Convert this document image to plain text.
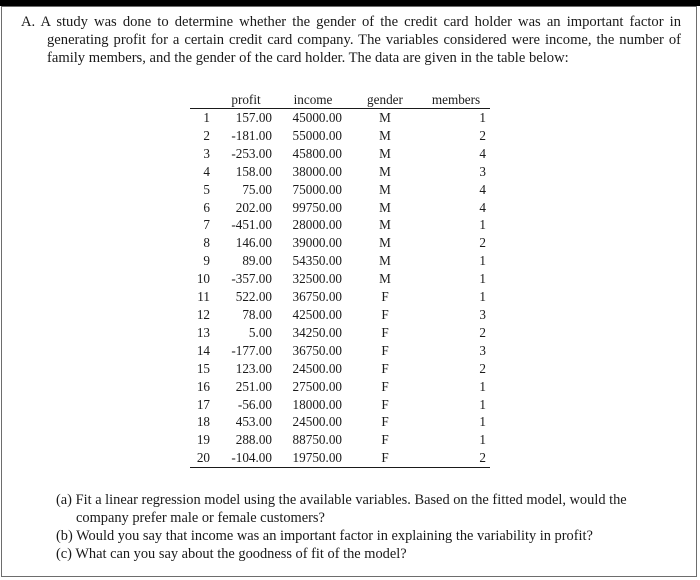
A. A study was done to determine whether the gender of the credit card holder was an important factor in generating profit for a certain credit card company. The variables considered were income, the number of family members, and the gender of the card holder. The data are given in the table below:
	profit	income	gender	members
1	157.00	45000.00	M	1
2	-181.00	55000.00	M	2
3	-253.00	45800.00	M	4
4	158.00	38000.00	M	3
5	75.00	75000.00	M	4
6	202.00	99750.00	M	4
7	-451.00	28000.00	M	1
8	146.00	39000.00	M	2
9	89.00	54350.00	M	1
10	-357.00	32500.00	M	1
11	522.00	36750.00	F	1
12	78.00	42500.00	F	3
13	5.00	34250.00	F	2
14	-177.00	36750.00	F	3
15	123.00	24500.00	F	2
16	251.00	27500.00	F	1
17	-56.00	18000.00	F	1
18	453.00	24500.00	F	1
19	288.00	88750.00	F	1
20	-104.00	19750.00	F	2
(a) Fit a linear regression model using the available variables. Based on the fitted model, would the company prefer male or female customers?
(b) Would you say that income was an important factor in explaining the variability in profit?
(c) What can you say about the goodness of fit of the model?
